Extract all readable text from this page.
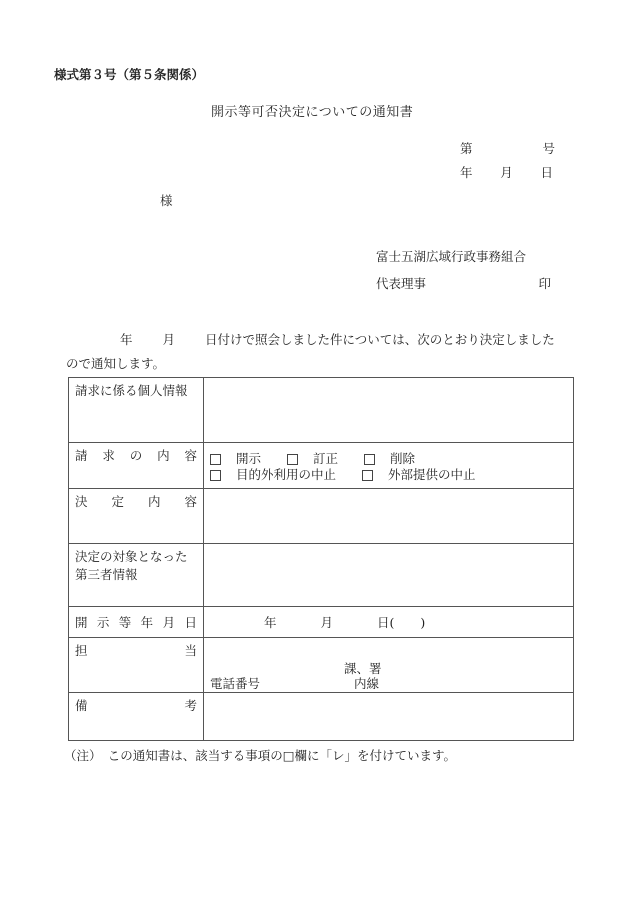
様式第３号（第５条関係）
開示等可否決定についての通知書
第	号
年 月 日
様
富士五湖広域行政事務組合
代表理事	印
年 月 日付けで照会しました件については、次のとおり決定しました
ので通知します。
請求に係る個人情報	

請 求 の 内 容	開示	訂正	削除
目的外利用の中止	外部提供の中止

決 定 内 容	

決定の対象となった
第三者情報	

開 示 等 年 月 日	年	月	日( )

担	当

課、署
電話番号	内線

備 考	

（注）　この通知書は、該当する事項の□欄に「レ」を付けています。
